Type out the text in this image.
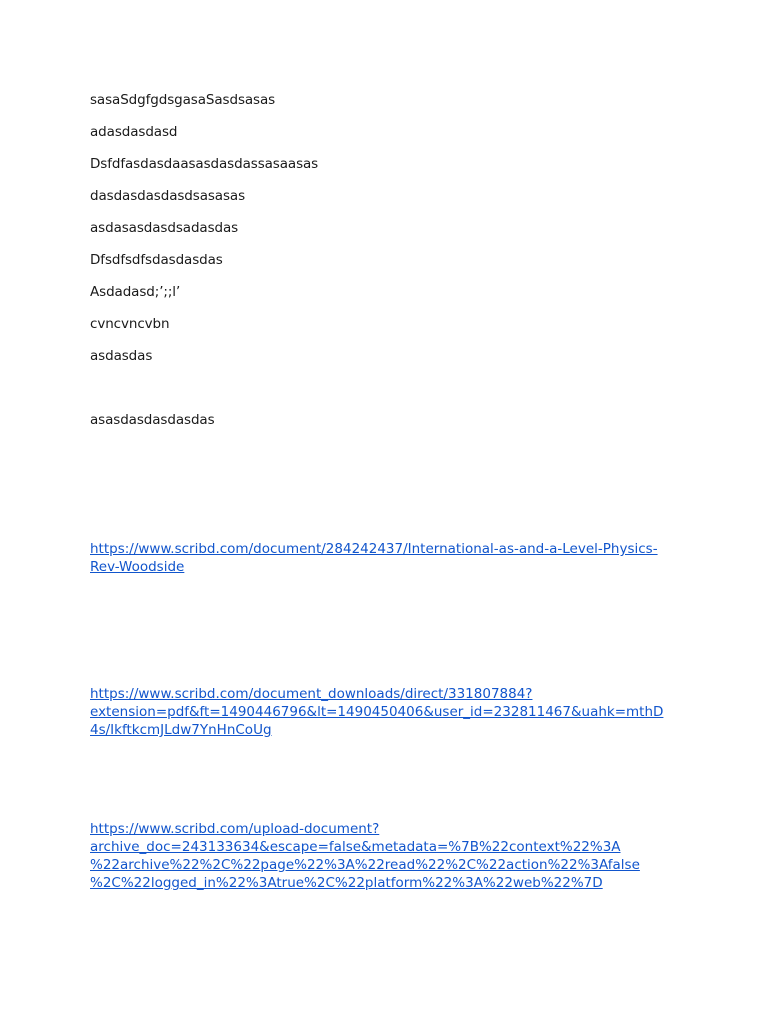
sasaSdgfgdsgasaSasdsasas
adasdasdasd
Dsfdfasdasdaasasdasdassasaasas
dasdasdasdasdsasasas
asdasasdasdsadasdas
Dfsdfsdfsdasdasdas
Asdadasd;’;;l’
cvncvncvbn
asdasdas
asasdasdasdasdas
https://www.scribd.com/document/284242437/International-as-and-a-Level-Physics-
Rev-Woodside
https://www.scribd.com/document_downloads/direct/331807884?
extension=pdf&ft=1490446796&lt=1490450406&user_id=232811467&uahk=mthD
4s/IkftkcmJLdw7YnHnCoUg
https://www.scribd.com/upload-document?
archive_doc=243133634&escape=false&metadata=%7B%22context%22%3A
%22archive%22%2C%22page%22%3A%22read%22%2C%22action%22%3Afalse
%2C%22logged_in%22%3Atrue%2C%22platform%22%3A%22web%22%7D
